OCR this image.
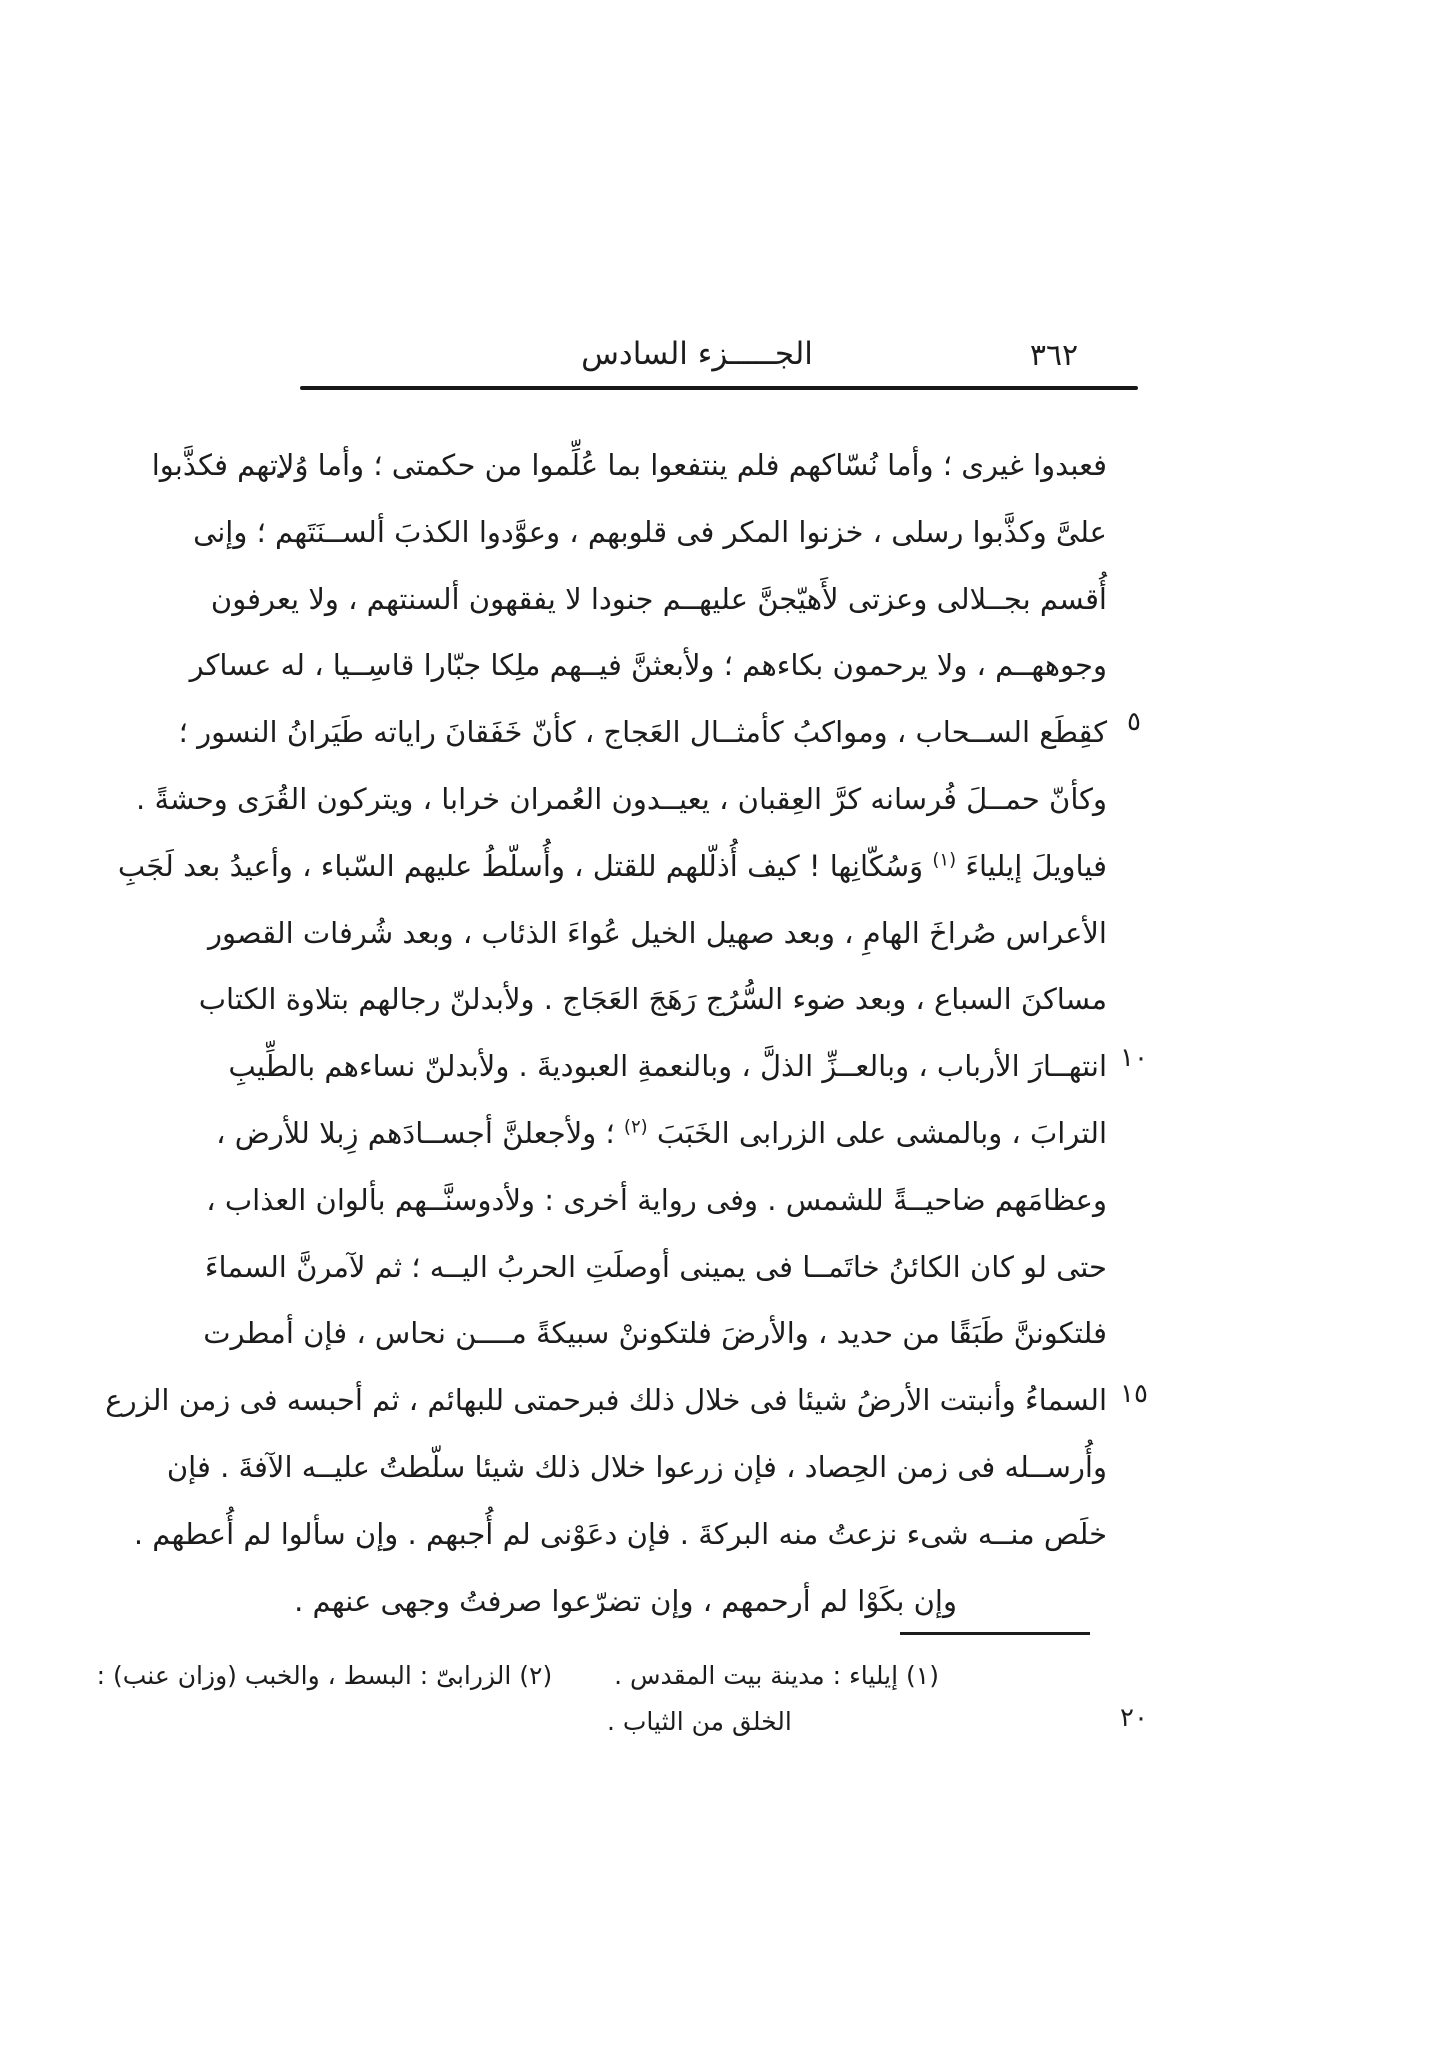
الجـــــزء السادس	٣٦٢

فعبدوا غيرى ؛ وأما نُسّاكهم فلم ينتفعوا بما عُلِّموا من حكمتى ؛ وأما وُلاتهم فكذَّبوا

علىَّ وكذَّبوا رسلى ، خزنوا المكر فى قلوبهم ، وعوَّدوا الكذبَ ألســنَتَهم ؛ وإنى

أُقسم بجــلالى وعزتى لأَهيّجنَّ عليهــم جنودا لا يفقهون ألسنتهم ، ولا يعرفون

وجوههــم ، ولا يرحمون بكاءهم ؛ ولأبعثنَّ فيــهم ملِكا جبّارا قاسِــيا ، له عساكر

كقِطَع الســحاب ، ومواكبُ كأمثــال العَجاج ، كأنّ خَفَقانَ راياته طَيَرانُ النسور ؛

وكأنّ حمــلَ فُرسانه كرَّ العِقبان ، يعيــدون العُمران خرابا ، ويتركون القُرَى وحشةً .

فياويلَ إيلياءَ $^{(١)}$ وَسُكّانِها ! كيف أُذلّلهم للقتل ، وأُسلّطُ عليهم السّباء ، وأعيدُ بعد لَجَبِ

الأعراس صُراخَ الهامِ ، وبعد صهيل الخيل عُواءَ الذئاب ، وبعد شُرفات القصور

مساكنَ السباع ، وبعد ضوء السُّرُج رَهَجَ العَجَاج . ولأبدلنّ رجالهم بتلاوة الكتاب

انتهــارَ الأرباب ، وبالعــزِّ الذلَّ ، وبالنعمةِ العبوديةَ . ولأبدلنّ نساءهم بالطِّيبِ

الترابَ ، وبالمشى على الزرابى الخَبَبَ $^{(٢)}$ ؛ ولأجعلنَّ أجســادَهم زِبلا للأرض ،

وعظامَهم ضاحيــةً للشمس . وفى رواية أخرى : ولأدوسنَّــهم بألوان العذاب ،

حتى لو كان الكائنُ خاتَمــا فى يمينى أوصلَتِ الحربُ اليــه ؛ ثم لآمرنَّ السماءَ

فلتكوننَّ طَبَقًا من حديد ، والأرضَ فلتكوننْ سبيكةً مــــن نحاس ، فإن أمطرت

السماءُ وأنبتت الأرضُ شيئا فى خلال ذلك فبرحمتى للبهائم ، ثم أحبسه فى زمن الزرع

وأُرســله فى زمن الحِصاد ، فإن زرعوا خلال ذلك شيئا سلّطتُ عليــه الآفةَ . فإن

خلَص منــه شىء نزعتُ منه البركةَ . فإن دعَوْنى لم أُجبهم . وإن سألوا لم أُعطهم .

وإن بكَوْا لم أرحمهم ، وإن تضرّعوا صرفتُ وجهى عنهم .

٥
١٠
١٥
٢٠

(١) إيلياء : مدينة بيت المقدس .  (٢) الزرابىّ : البسط ، والخبب (وزان عنب) :

الخلق من الثياب .
